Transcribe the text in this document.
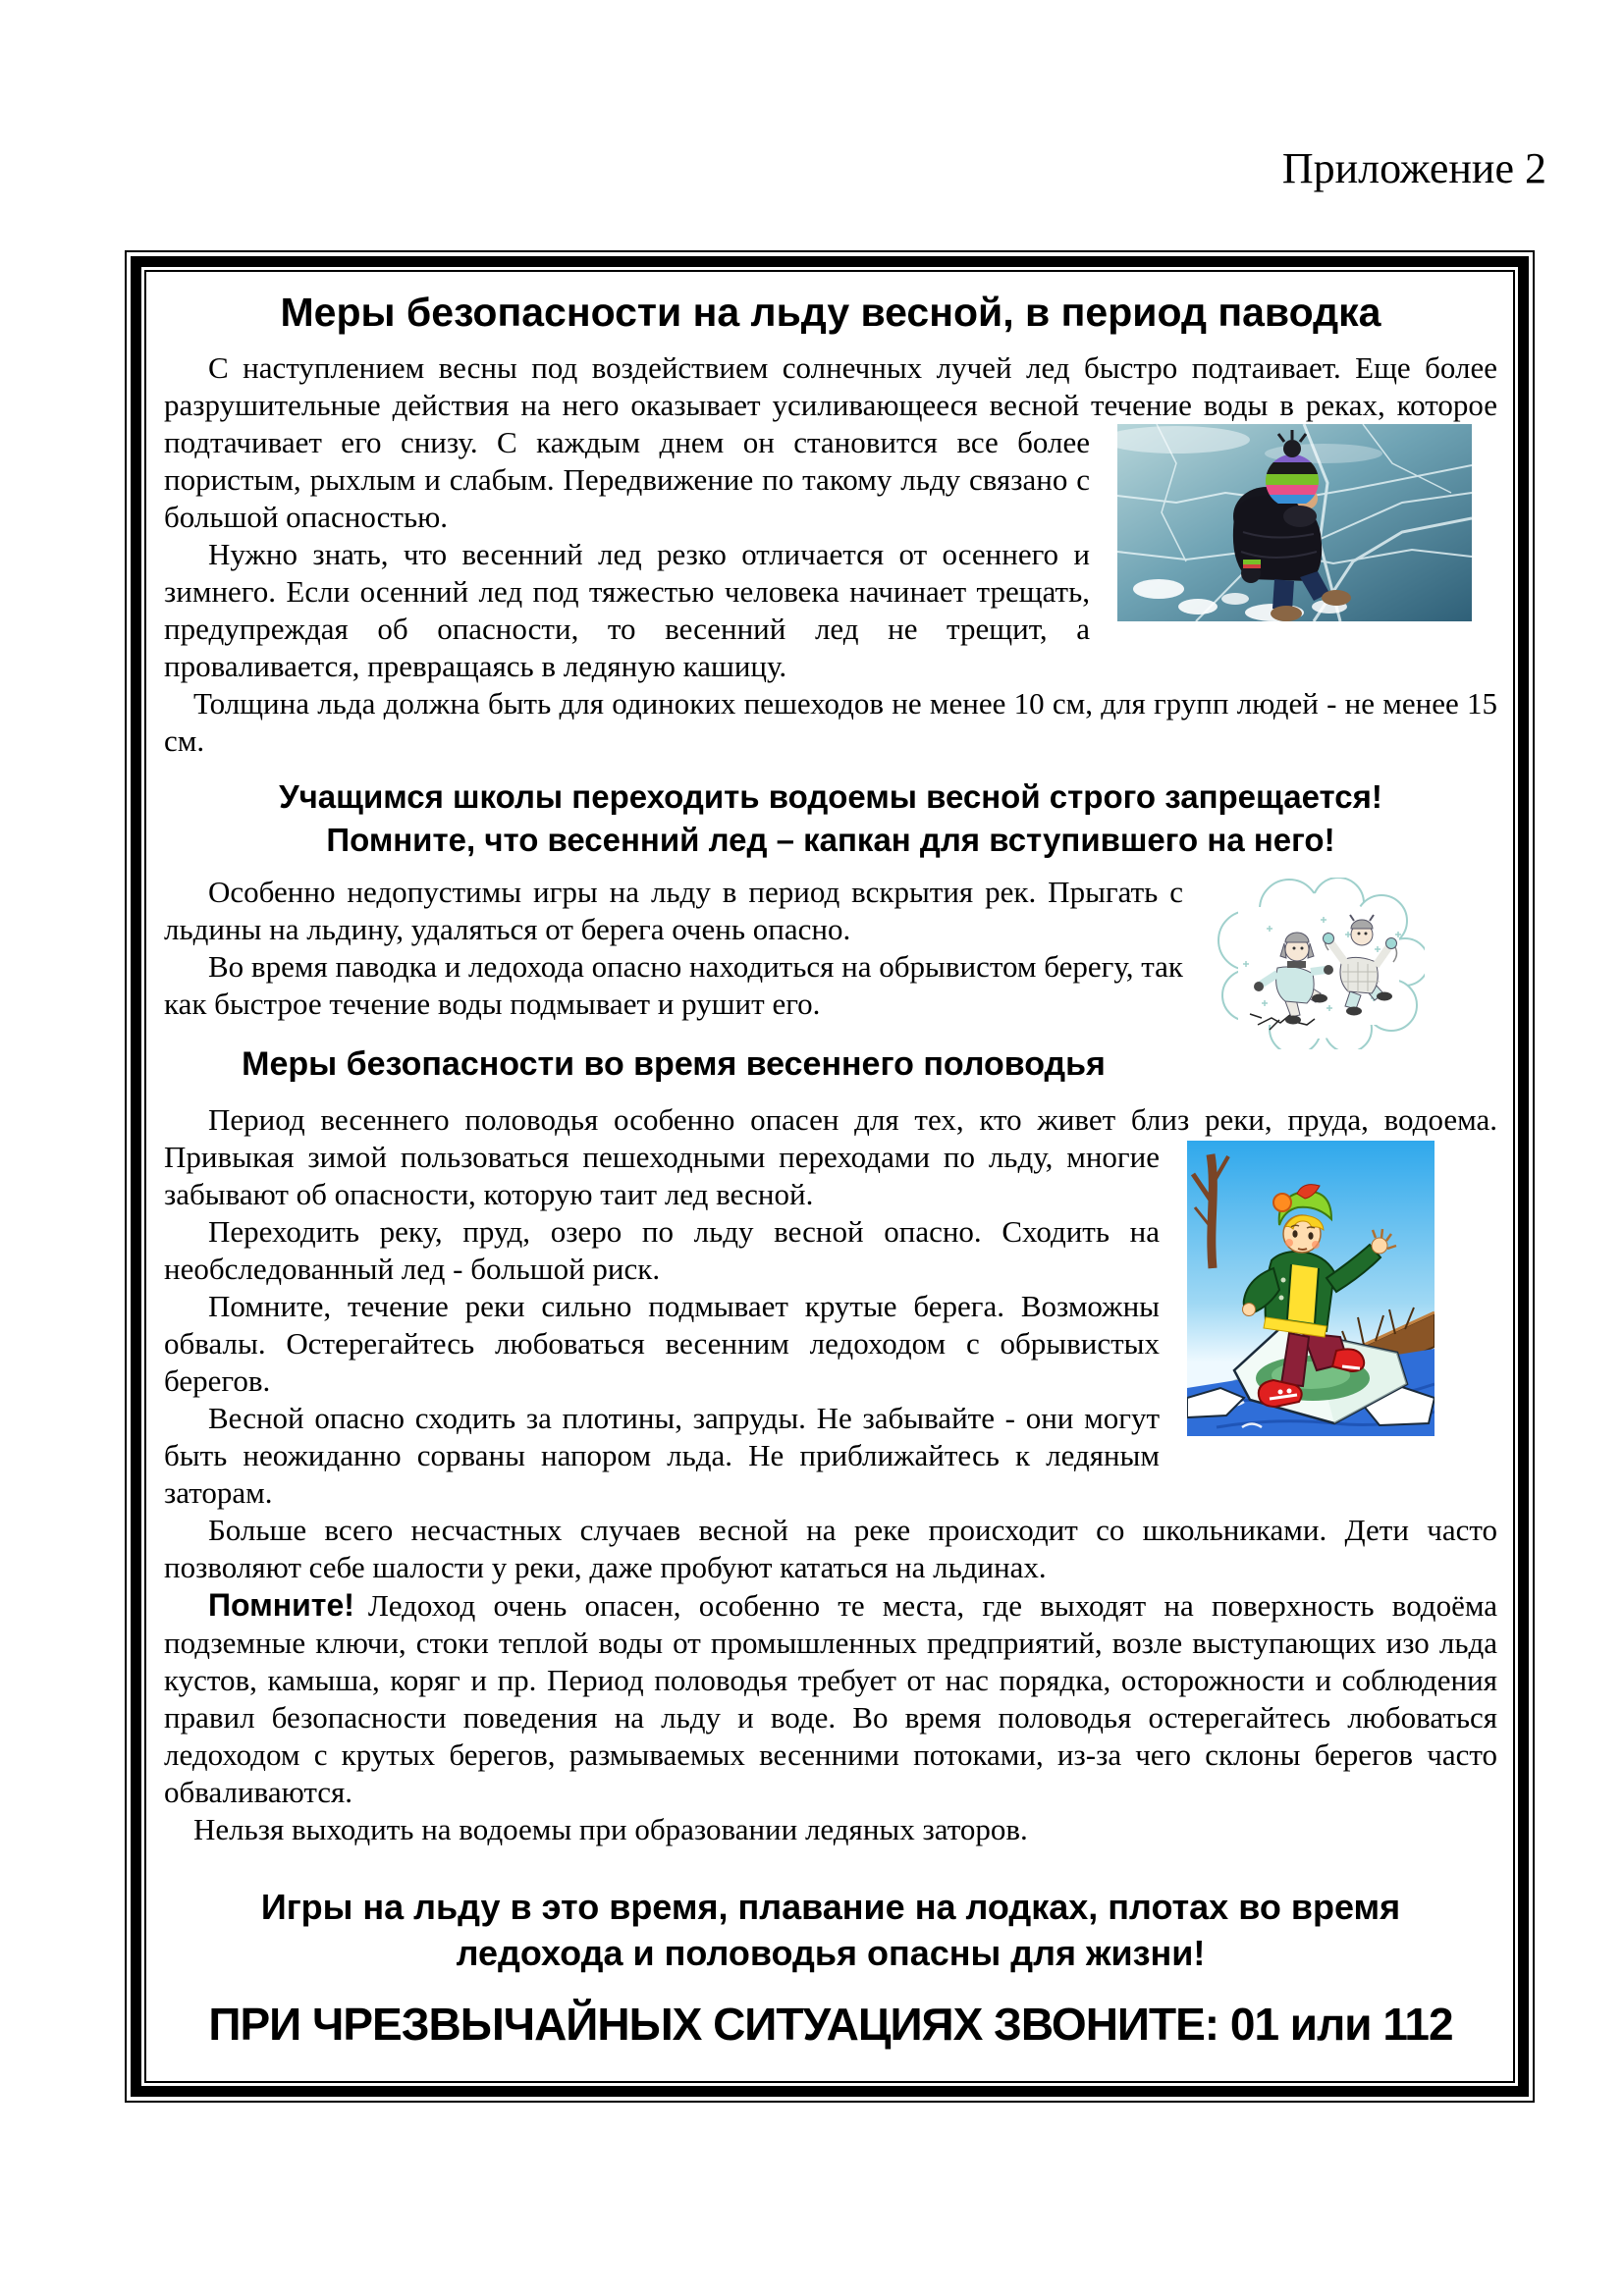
Приложение 2
Меры безопасности на льду весной, в период паводка

С наступлением весны под воздействием солнечных лучей лед быстро подтаивает. Еще более разрушительные действия на него оказывает усиливающееся весной течение воды в реках, которое подтачивает его снизу. С каждым днем он становится все более пористым, рыхлым и слабым. Передвижение по такому льду связано с большой опасностью.

Нужно знать, что весенний лед резко отличается от осеннего и зимнего. Если осенний лед под тяжестью человека начинает трещать, предупреждая об опасности, то весенний лед не трещит, а проваливается, превращаясь в ледяную кашицу.

Толщина льда должна быть для одиноких пешеходов не менее 10 см, для групп людей - не менее 15 см.

Учащимся школы переходить водоемы весной строго запрещается!
Помните, что весенний лед – капкан для вступившего на него!

Особенно недопустимы игры на льду в период вскрытия рек. Прыгать с льдины на льдину, удаляться от берега очень опасно.

Во время паводка и ледохода опасно находиться на обрывистом берегу, так как быстрое течение воды подмывает и рушит его.

Меры безопасности во время весеннего половодья

Период весеннего половодья особенно опасен для тех, кто живет близ реки, пруда, водоема. Привыкая зимой пользоваться пешеходными переходами по льду, многие забывают об опасности, которую таит лед весной.

Переходить реку, пруд, озеро по льду весной опасно. Сходить на необследованный лед - большой риск.

Помните, течение реки сильно подмывает крутые берега. Возможны обвалы. Остерегайтесь любоваться весенним ледоходом с обрывистых берегов.

Весной опасно сходить за плотины, запруды. Не забывайте - они могут быть неожиданно сорваны напором льда. Не приближайтесь к ледяным заторам.

Больше всего несчастных случаев весной на реке происходит со школьниками. Дети часто позволяют себе шалости у реки, даже пробуют кататься на льдинах.

Помните! Ледоход очень опасен, особенно те места, где выходят на поверхность водоёма подземные ключи, стоки теплой воды от промышленных предприятий, возле выступающих изо льда кустов, камыша, коряг и пр. Период половодья требует от нас порядка, осторожности и соблюдения правил безопасности поведения на льду и воде. Во время половодья остерегайтесь любоваться ледоходом с крутых берегов, размываемых весенними потоками, из-за чего склоны берегов часто обваливаются.

Нельзя выходить на водоемы при образовании ледяных заторов.

Игры на льду в это время, плавание на лодках, плотах во время ледохода и половодья опасны для жизни!
ПРИ ЧРЕЗВЫЧАЙНЫХ СИТУАЦИЯХ ЗВОНИТЕ: 01 или 112
